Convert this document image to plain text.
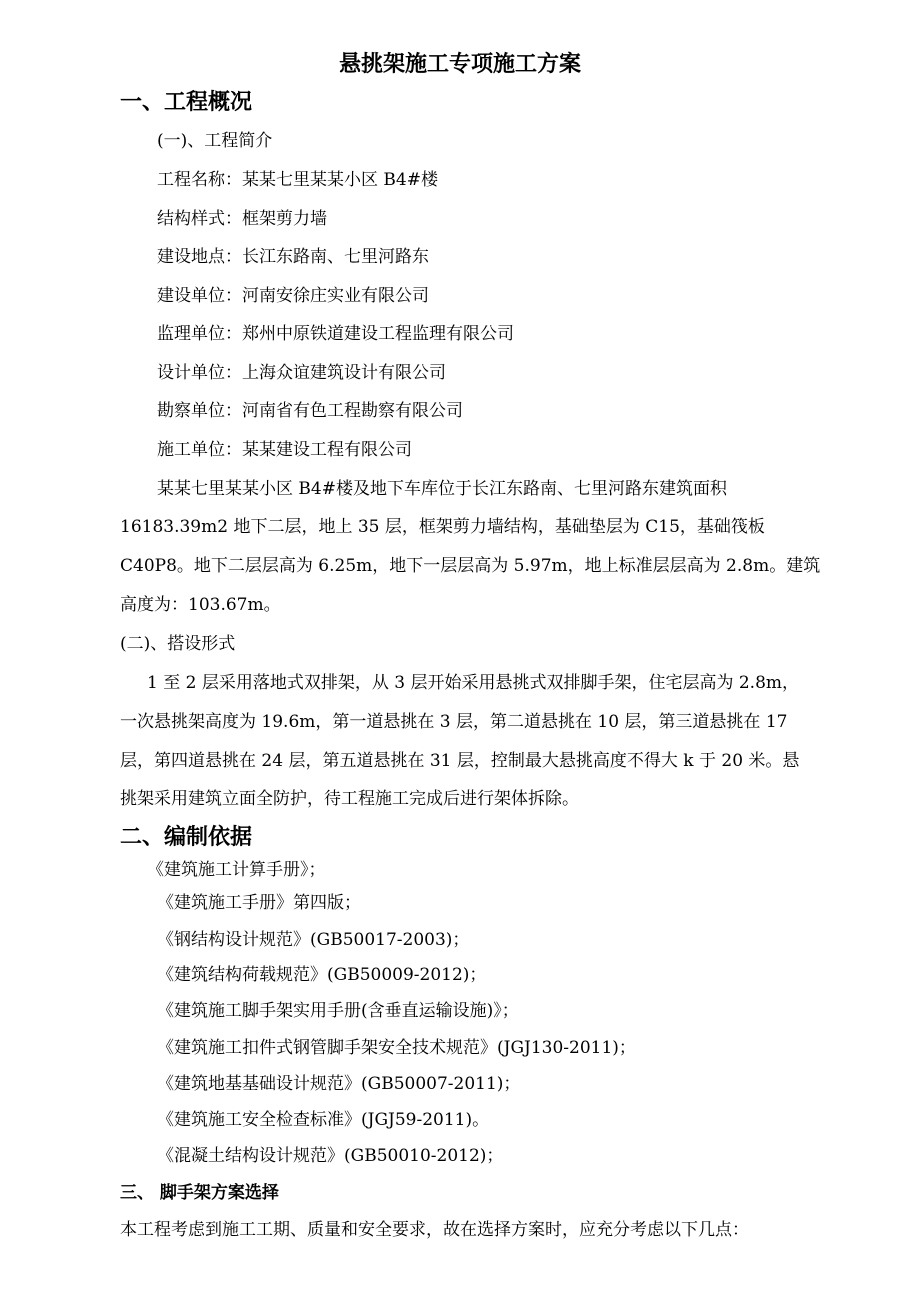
悬挑架施工专项施工方案
一、工程概况
(一)、工程简介
工程名称：某某七里某某小区 B4#楼
结构样式：框架剪力墙
建设地点：长江东路南、七里河路东
建设单位：河南安徐庄实业有限公司
监理单位：郑州中原铁道建设工程监理有限公司
设计单位：上海众谊建筑设计有限公司
勘察单位：河南省有色工程勘察有限公司
施工单位：某某建设工程有限公司
某某七里某某小区 B4#楼及地下车库位于长江东路南、七里河路东建筑面积
16183.39m2 地下二层，地上 35 层，框架剪力墙结构，基础垫层为 C15，基础筏板
C40P8。地下二层层高为 6.25m，地下一层层高为 5.97m，地上标准层层高为 2.8m。建筑
高度为：103.67m。
(二)、搭设形式
1 至 2 层采用落地式双排架，从 3 层开始采用悬挑式双排脚手架，住宅层高为 2.8m，
一次悬挑架高度为 19.6m，第一道悬挑在 3 层，第二道悬挑在 10 层，第三道悬挑在 17
层，第四道悬挑在 24 层，第五道悬挑在 31 层，控制最大悬挑高度不得大 k 于 20 米。悬
挑架采用建筑立面全防护，待工程施工完成后进行架体拆除。
二、编制依据
《建筑施工计算手册》；
《建筑施工手册》第四版；
《钢结构设计规范》(GB50017-2003)；
《建筑结构荷载规范》(GB50009-2012)；
《建筑施工脚手架实用手册(含垂直运输设施)》；
《建筑施工扣件式钢管脚手架安全技术规范》(JGJ130-2011)；
《建筑地基基础设计规范》(GB50007-2011)；
《建筑施工安全检查标准》(JGJ59-2011)。
《混凝土结构设计规范》(GB50010-2012)；
三、 脚手架方案选择
本工程考虑到施工工期、质量和安全要求，故在选择方案时，应充分考虑以下几点：
